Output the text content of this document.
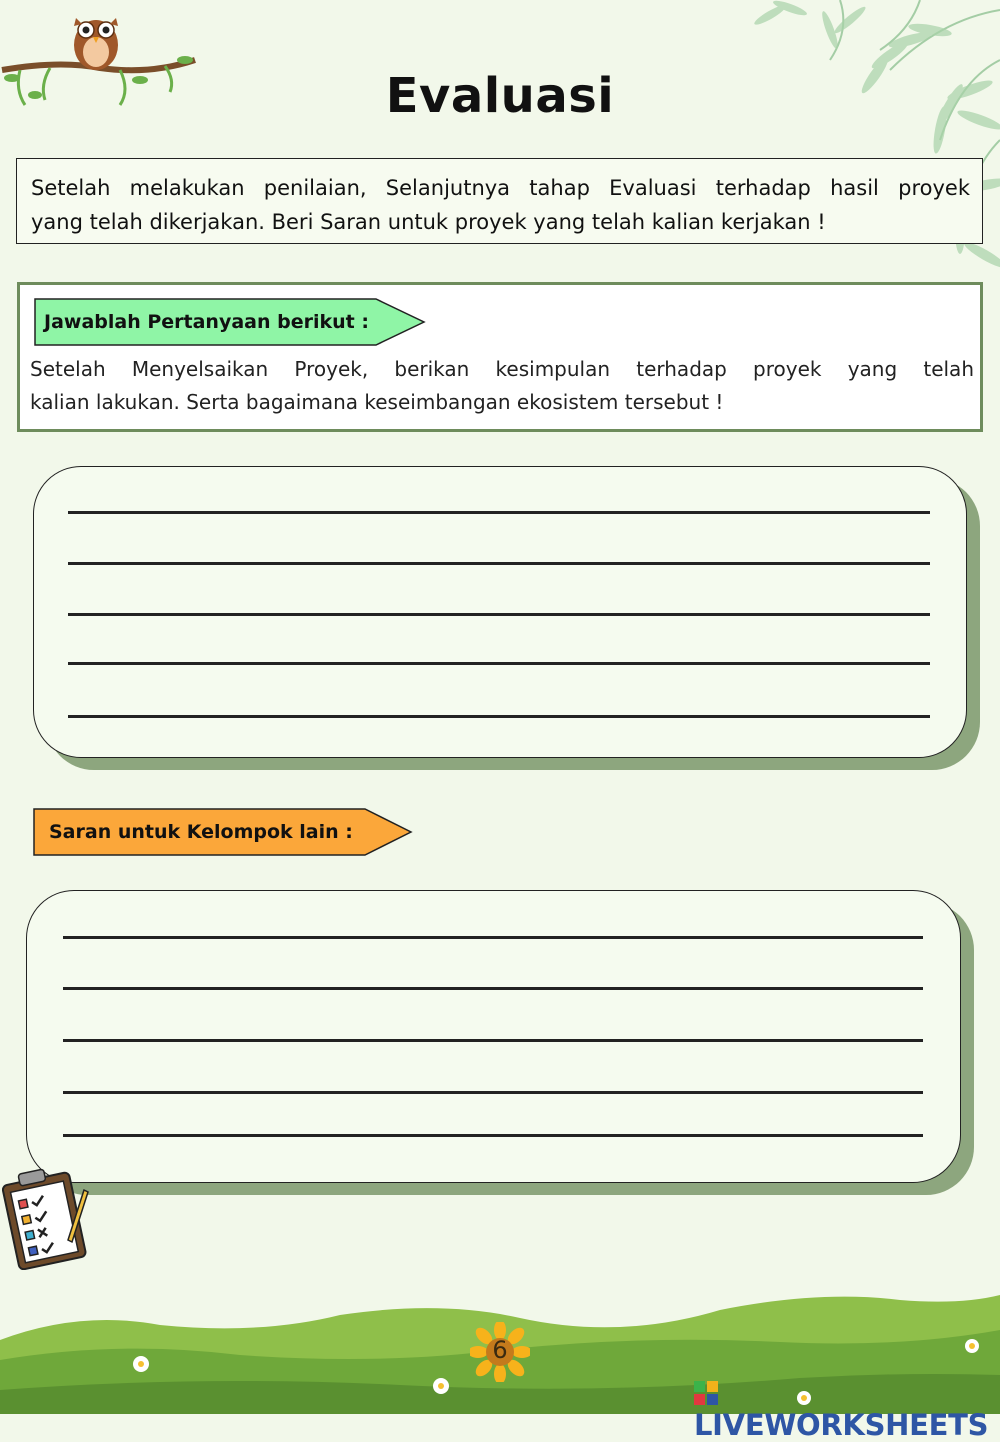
Evaluasi
Setelah melakukan penilaian, Selanjutnya tahap Evaluasi terhadap hasil proyek
yang telah dikerjakan. Beri Saran untuk proyek yang telah kalian kerjakan !
Jawablah Pertanyaan berikut :
Setelah Menyelsaikan Proyek, berikan kesimpulan terhadap proyek yang telah
kalian lakukan. Serta bagaimana keseimbangan ekosistem tersebut !
Saran untuk Kelompok lain :
6
LIVEWORKSHEETS
